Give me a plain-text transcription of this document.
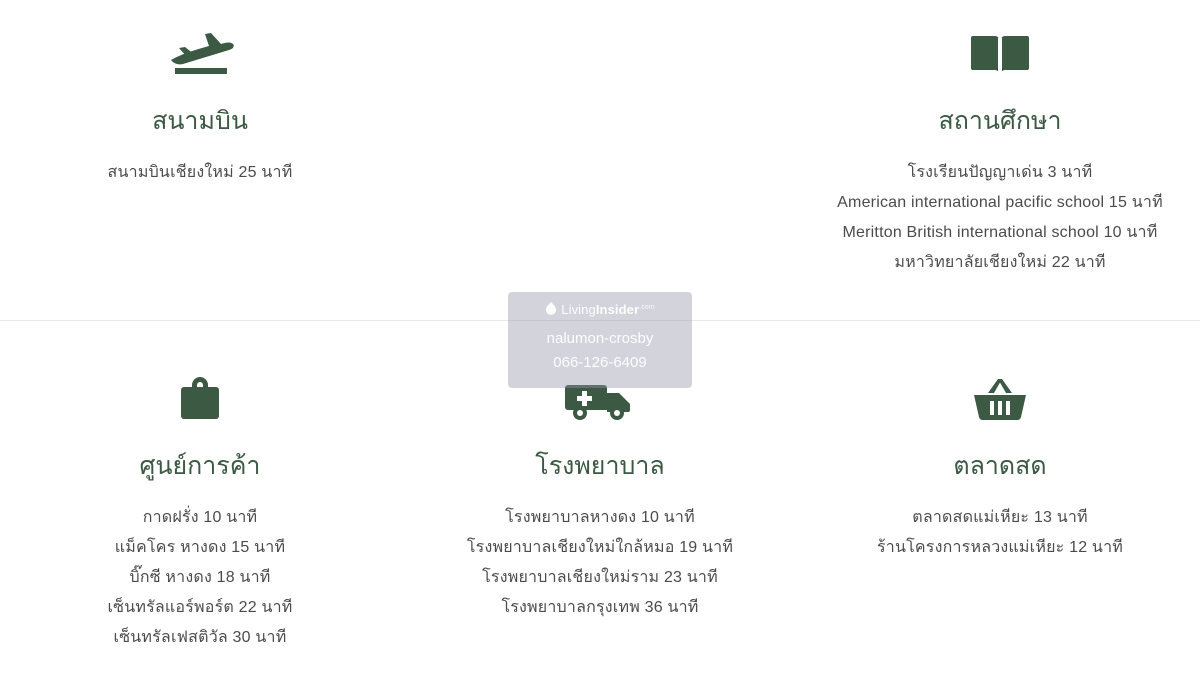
สนามบิน
สนามบินเชียงใหม่ 25 นาที
สถานศึกษา
โรงเรียนปัญญาเด่น 3 นาที
American international pacific school 15 นาที
Meritton British international school 10 นาที
มหาวิทยาลัยเชียงใหม่ 22 นาที
ศูนย์การค้า
กาดฝรั่ง 10 นาที
แม็คโคร หางดง 15 นาที
บิ๊กซี หางดง 18 นาที
เซ็นทรัลแอร์พอร์ต 22 นาที
เซ็นทรัลเฟสติวัล 30 นาที
โรงพยาบาล
โรงพยาบาลหางดง 10 นาที
โรงพยาบาลเชียงใหม่ใกล้หมอ 19 นาที
โรงพยาบาลเชียงใหม่ราม 23 นาที
โรงพยาบาลกรุงเทพ 36 นาที
ตลาดสด
ตลาดสดแม่เหียะ 13 นาที
ร้านโครงการหลวงแม่เหียะ 12 นาที
LivingInsider$^{.com}$
nalumon-crosby
066-126-6409
